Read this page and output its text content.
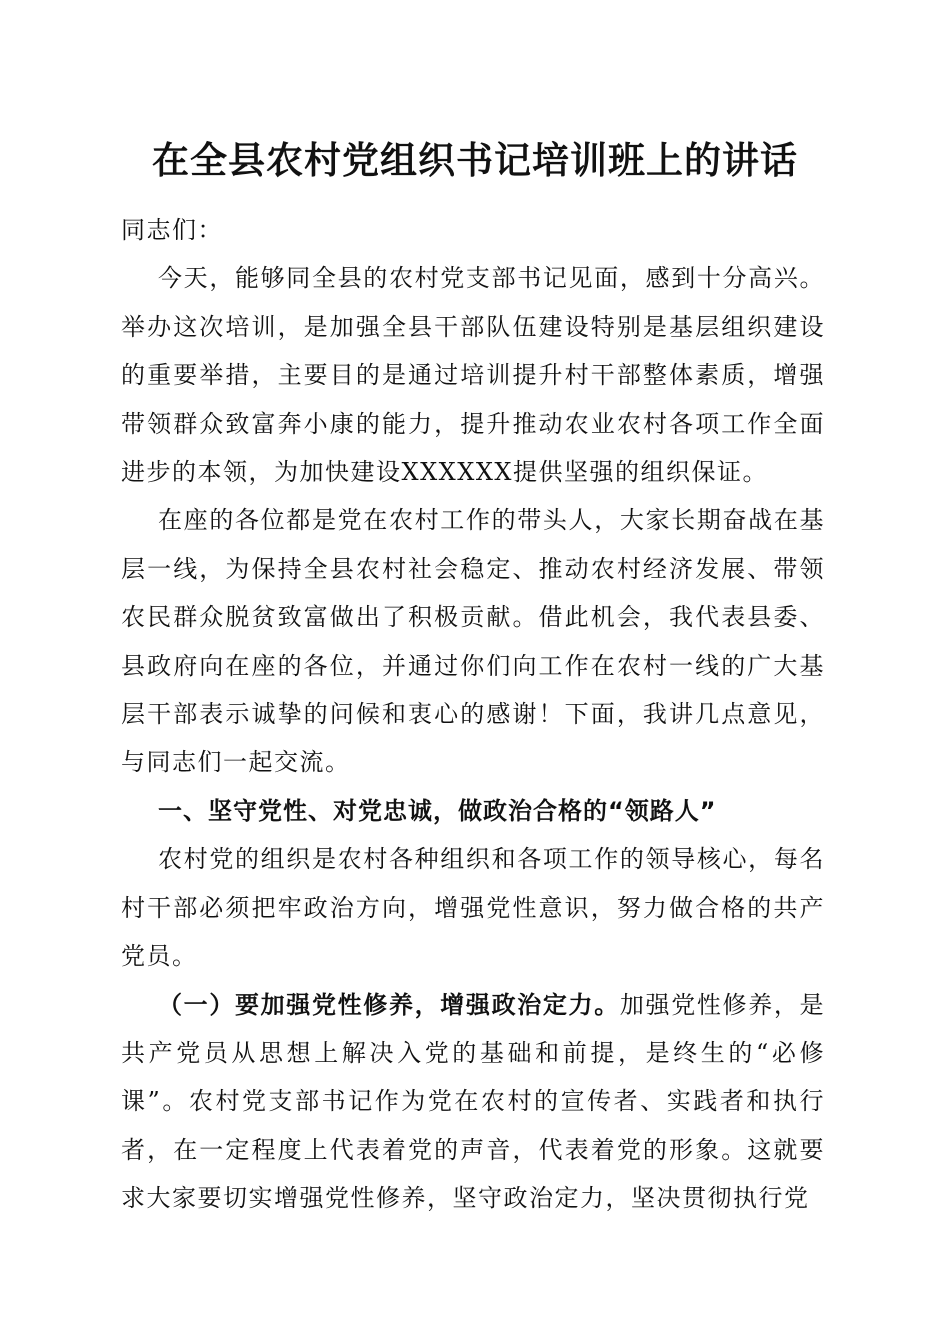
在全县农村党组织书记培训班上的讲话

同志们：

今天，能够同全县的农村党支部书记见面，感到十分高兴。举办这次培训，是加强全县干部队伍建设特别是基层组织建设的重要举措，主要目的是通过培训提升村干部整体素质，增强带领群众致富奔小康的能力，提升推动农业农村各项工作全面进步的本领，为加快建设XXXXXX提供坚强的组织保证。

在座的各位都是党在农村工作的带头人，大家长期奋战在基层一线，为保持全县农村社会稳定、推动农村经济发展、带领农民群众脱贫致富做出了积极贡献。借此机会，我代表县委、县政府向在座的各位，并通过你们向工作在农村一线的广大基层干部表示诚挚的问候和衷心的感谢！下面，我讲几点意见，与同志们一起交流。

一、坚守党性、对党忠诚，做政治合格的“领路人”

农村党的组织是农村各种组织和各项工作的领导核心，每名村干部必须把牢政治方向，增强党性意识，努力做合格的共产党员。

（一）要加强党性修养，增强政治定力。加强党性修养，是共产党员从思想上解决入党的基础和前提，是终生的“必修课”。农村党支部书记作为党在农村的宣传者、实践者和执行者，在一定程度上代表着党的声音，代表着党的形象。这就要求大家要切实增强党性修养，坚守政治定力，坚决贯彻执行党
